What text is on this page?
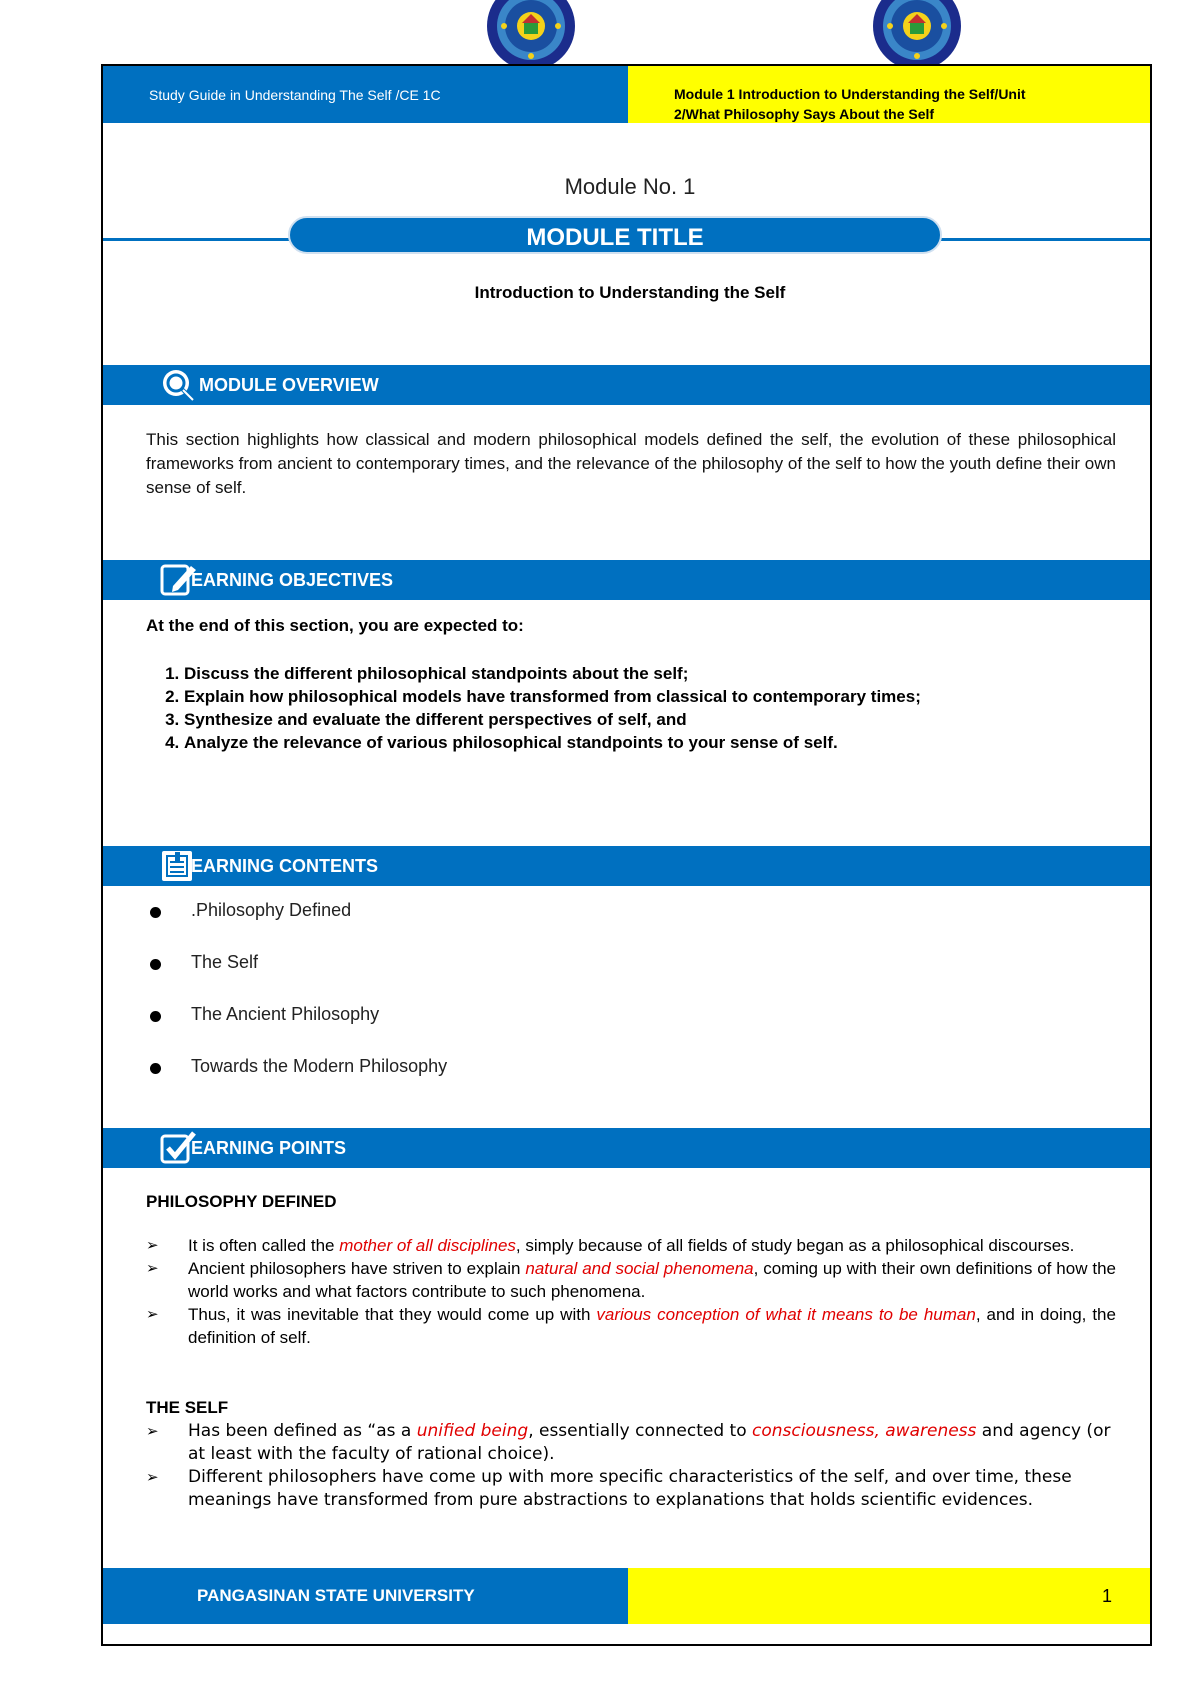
Study Guide in Understanding The Self /CE 1C	Module 1 Introduction to Understanding the Self/Unit
2/What Philosophy Says About the Self
Module No. 1
MODULE TITLE
Introduction to Understanding the Self
MODULE OVERVIEW
This section highlights how classical and modern philosophical models defined the self, the evolution of these philosophical frameworks from ancient to contemporary times, and the relevance of the philosophy of the self to how the youth define their own sense of self.
EARNING OBJECTIVES
At the end of this section, you are expected to:
1. Discuss the different philosophical standpoints about the self;
2. Explain how philosophical models have transformed from classical to contemporary times;
3. Synthesize and evaluate the different perspectives of self, and
4. Analyze the relevance of various philosophical standpoints to your sense of self.
EARNING CONTENTS
.Philosophy Defined
The Self
The Ancient Philosophy
Towards the Modern Philosophy
EARNING POINTS
PHILOSOPHY DEFINED
➢	It is often called the mother of all disciplines, simply because of all fields of study began as a philosophical discourses.
➢	Ancient philosophers have striven to explain natural and social phenomena, coming up with their own definitions of how the world works and what factors contribute to such phenomena.
➢	Thus, it was inevitable that they would come up with various conception of what it means to be human, and in doing, the definition of self.
THE SELF
➢	Has been defined as “as a unified being, essentially connected to consciousness, awareness and agency (or at least with the faculty of rational choice).
➢	Different philosophers have come up with more specific characteristics of the self, and over time, these meanings have transformed from pure abstractions to explanations that holds scientific evidences.
PANGASINAN STATE UNIVERSITY	1
